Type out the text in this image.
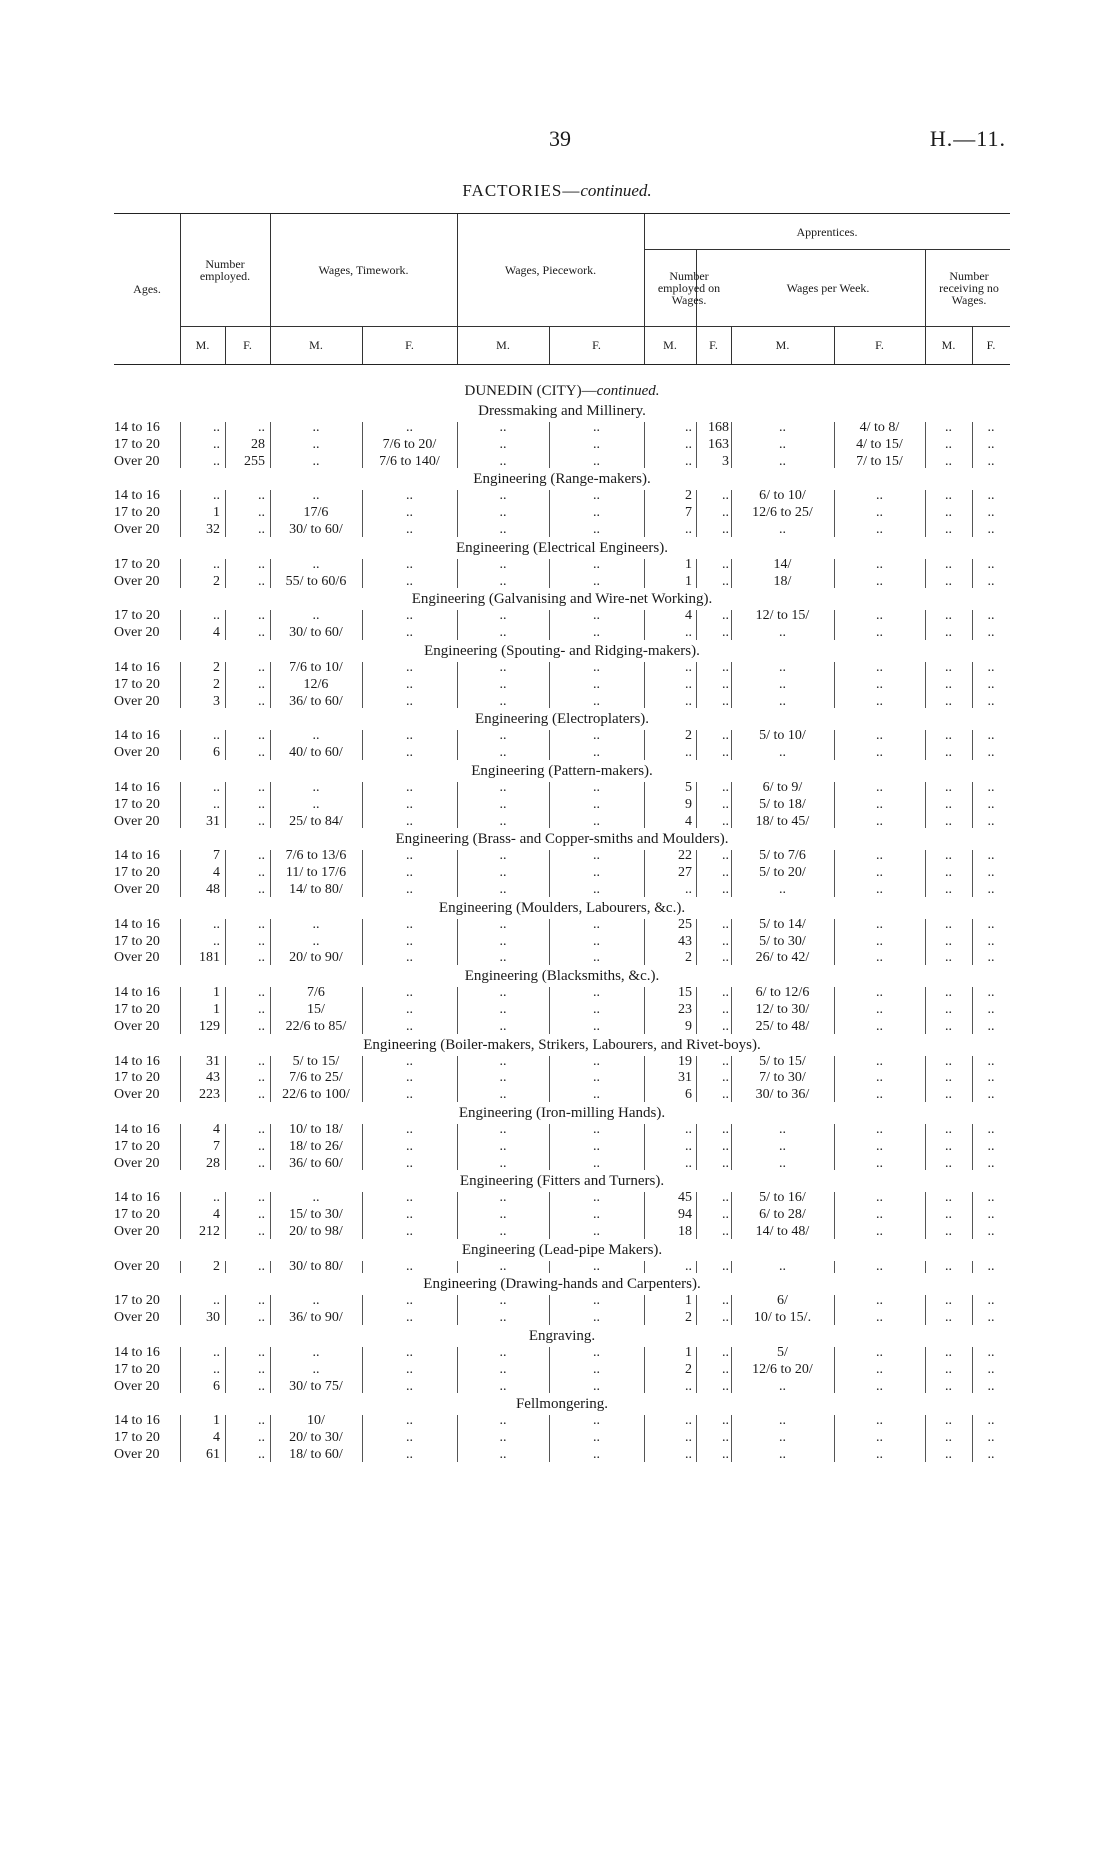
39	H.—11.
FACTORIES—continued.
Ages.
Number employed.	Wages, Timework.	Wages, Piecework.
Apprentices.
Number employed on Wages.
Wages per Week.
Number receiving no Wages.
M.	F.	M.	F.	M.	F.	M.	F.	M.	F.	M.	F.
DUNEDIN (CITY)—continued.
Dressmaking and Millinery.
14 to 16	..	..	..	..	..	..	..	168	..	4/ to 8/	..	..
17 to 20	..	28	..	7/6 to 20/	..	..	..	163	..	4/ to 15/	..	..
Over 20	..	255	..	7/6 to 140/	..	..	..	3	..	7/ to 15/	..	..
Engineering (Range-makers).
14 to 16	..	..	..	..	..	..	2	..	6/ to 10/	..	..	..
17 to 20	1	..	17/6	..	..	..	7	..	12/6 to 25/	..	..	..
Over 20	32	..	30/ to 60/	..	..	..	..	..	..	..	..	..
Engineering (Electrical Engineers).
17 to 20	..	..	..	..	..	..	1	..	14/	..	..	..
Over 20	2	..	55/ to 60/6	..	..	..	1	..	18/	..	..	..
Engineering (Galvanising and Wire-net Working).
17 to 20	..	..	..	..	..	..	4	..	12/ to 15/	..	..	..
Over 20	4	..	30/ to 60/	..	..	..	..	..	..	..	..	..
Engineering (Spouting- and Ridging-makers).
14 to 16	2	..	7/6 to 10/	..	..	..	..	..	..	..	..	..
17 to 20	2	..	12/6	..	..	..	..	..	..	..	..	..
Over 20	3	..	36/ to 60/	..	..	..	..	..	..	..	..	..
Engineering (Electroplaters).
14 to 16	..	..	..	..	..	..	2	..	5/ to 10/	..	..	..
Over 20	6	..	40/ to 60/	..	..	..	..	..	..	..	..	..
Engineering (Pattern-makers).
14 to 16	..	..	..	..	..	..	5	..	6/ to 9/	..	..	..
17 to 20	..	..	..	..	..	..	9	..	5/ to 18/	..	..	..
Over 20	31	..	25/ to 84/	..	..	..	4	..	18/ to 45/	..	..	..
Engineering (Brass- and Copper-smiths and Moulders).
14 to 16	7	..	7/6 to 13/6	..	..	..	22	..	5/ to 7/6	..	..	..
17 to 20	4	..	11/ to 17/6	..	..	..	27	..	5/ to 20/	..	..	..
Over 20	48	..	14/ to 80/	..	..	..	..	..	..	..	..	..
Engineering (Moulders, Labourers, &c.).
14 to 16	..	..	..	..	..	..	25	..	5/ to 14/	..	..	..
17 to 20	..	..	..	..	..	..	43	..	5/ to 30/	..	..	..
Over 20	181	..	20/ to 90/	..	..	..	2	..	26/ to 42/	..	..	..
Engineering (Blacksmiths, &c.).
14 to 16	1	..	7/6	..	..	..	15	..	6/ to 12/6	..	..	..
17 to 20	1	..	15/	..	..	..	23	..	12/ to 30/	..	..	..
Over 20	129	..	22/6 to 85/	..	..	..	9	..	25/ to 48/	..	..	..
Engineering (Boiler-makers, Strikers, Labourers, and Rivet-boys).
14 to 16	31	..	5/ to 15/	..	..	..	19	..	5/ to 15/	..	..	..
17 to 20	43	..	7/6 to 25/	..	..	..	31	..	7/ to 30/	..	..	..
Over 20	223	..	22/6 to 100/	..	..	..	6	..	30/ to 36/	..	..	..
Engineering (Iron-milling Hands).
14 to 16	4	..	10/ to 18/	..	..	..	..	..	..	..	..	..
17 to 20	7	..	18/ to 26/	..	..	..	..	..	..	..	..	..
Over 20	28	..	36/ to 60/	..	..	..	..	..	..	..	..	..
Engineering (Fitters and Turners).
14 to 16	..	..	..	..	..	..	45	..	5/ to 16/	..	..	..
17 to 20	4	..	15/ to 30/	..	..	..	94	..	6/ to 28/	..	..	..
Over 20	212	..	20/ to 98/	..	..	..	18	..	14/ to 48/	..	..	..
Engineering (Lead-pipe Makers).
Over 20	2	..	30/ to 80/	..	..	..	..	..	..	..	..	..
Engineering (Drawing-hands and Carpenters).
17 to 20	..	..	..	..	..	..	1	..	6/	..	..	..
Over 20	30	..	36/ to 90/	..	..	..	2	..	10/ to 15/.	..	..	..
Engraving.
14 to 16	..	..	..	..	..	..	1	..	5/	..	..	..
17 to 20	..	..	..	..	..	..	2	..	12/6 to 20/	..	..	..
Over 20	6	..	30/ to 75/	..	..	..	..	..	..	..	..	..
Fellmongering.
14 to 16	1	..	10/	..	..	..	..	..	..	..	..	..
17 to 20	4	..	20/ to 30/	..	..	..	..	..	..	..	..	..
Over 20	61	..	18/ to 60/	..	..	..	..	..	..	..	..	..
